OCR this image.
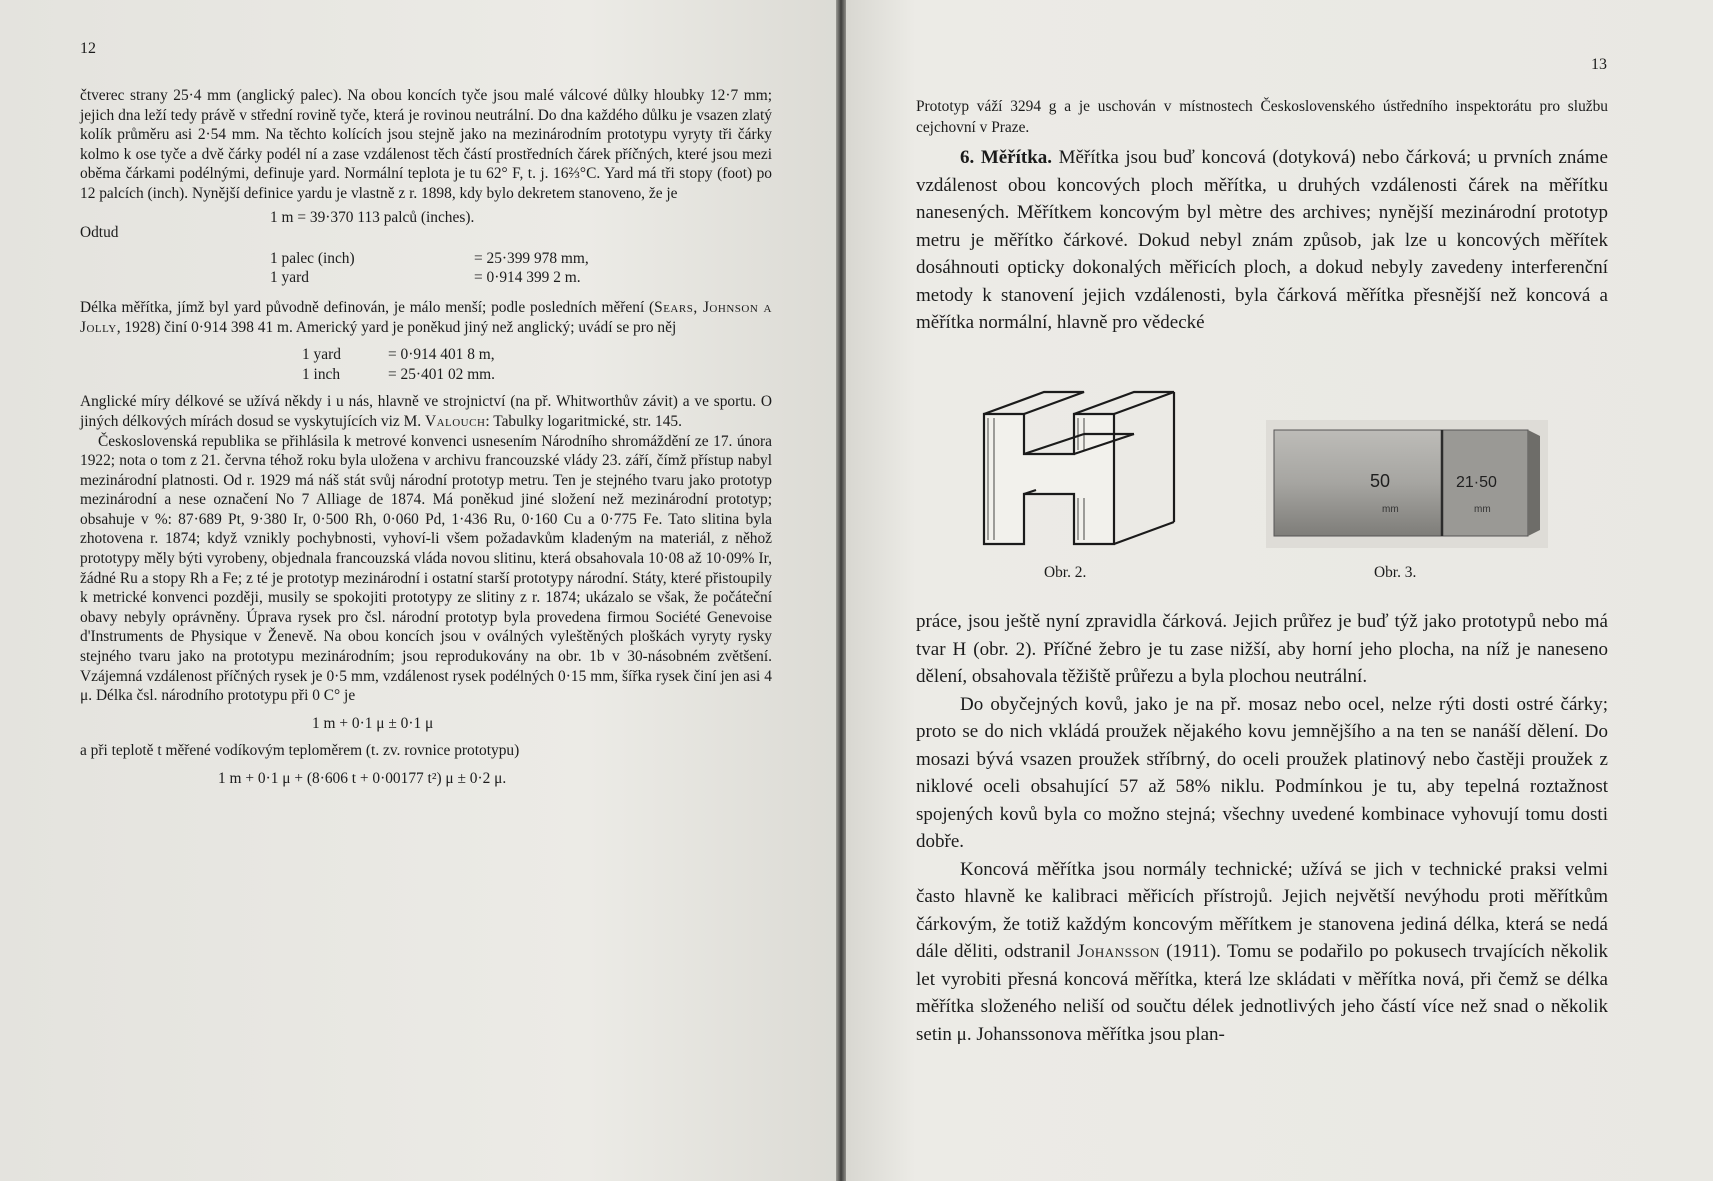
12

čtverec strany 25·4 mm (anglický palec). Na obou koncích tyče jsou malé válcové důlky hloubky 12·7 mm; jejich dna leží tedy právě v střední rovině tyče, která je rovinou neutrální. Do dna každého důlku je vsazen zlatý kolík průměru asi 2·54 mm. Na těchto kolících jsou stejně jako na mezinárodním prototypu vyryty tři čárky kolmo k ose tyče a dvě čárky podél ní a zase vzdálenost těch částí prostředních čárek příčných, které jsou mezi oběma čárkami podélnými, definuje yard. Normální teplota je tu 62° F, t. j. 16⅔°C. Yard má tři stopy (foot) po 12 palcích (inch). Nynější definice yardu je vlastně z r. 1898, kdy bylo dekretem stanoveno, že je

1 m = 39·370 113 palců (inches).
Odtud
1 palec (inch)	= 25·399 978 mm,
1 yard	= 0·914 399 2 m.

Délka měřítka, jímž byl yard původně definován, je málo menší; podle posledních měření (Sears, Johnson a Jolly, 1928) činí 0·914 398 41 m. Americký yard je poněkud jiný než anglický; uvádí se pro něj

1 yard	= 0·914 401 8 m,
1 inch	= 25·401 02 mm.

Anglické míry délkové se užívá někdy i u nás, hlavně ve strojnictví (na př. Whitworthův závit) a ve sportu. O jiných délkových mírách dosud se vyskytujících viz M. Valouch: Tabulky logaritmické, str. 145.

Československá republika se přihlásila k metrové konvenci usnesením Národního shromáždění ze 17. února 1922; nota o tom z 21. června téhož roku byla uložena v archivu francouzské vlády 23. září, čímž přístup nabyl mezinárodní platnosti. Od r. 1929 má náš stát svůj národní prototyp metru. Ten je stejného tvaru jako prototyp mezinárodní a nese označení No 7 Alliage de 1874. Má poněkud jiné složení než mezinárodní prototyp; obsahuje v %: 87·689 Pt, 9·380 Ir, 0·500 Rh, 0·060 Pd, 1·436 Ru, 0·160 Cu a 0·775 Fe. Tato slitina byla zhotovena r. 1874; když vznikly pochybnosti, vyhoví-li všem požadavkům kladeným na materiál, z něhož prototypy měly býti vyrobeny, objednala francouzská vláda novou slitinu, která obsahovala 10·08 až 10·09% Ir, žádné Ru a stopy Rh a Fe; z té je prototyp mezinárodní i ostatní starší prototypy národní. Státy, které přistoupily k metrické konvenci později, musily se spokojiti prototypy ze slitiny z r. 1874; ukázalo se však, že počáteční obavy nebyly oprávněny. Úprava rysek pro čsl. národní prototyp byla provedena firmou Société Genevoise d'Instruments de Physique v Ženevě. Na obou koncích jsou v oválných vyleštěných ploškách vyryty rysky stejného tvaru jako na prototypu mezinárodním; jsou reprodukovány na obr. 1b v 30-násobném zvětšení. Vzájemná vzdálenost příčných rysek je 0·5 mm, vzdálenost rysek podélných 0·15 mm, šířka rysek činí jen asi 4 μ. Délka čsl. národního prototypu při 0 C° je

1 m + 0·1 μ ± 0·1 μ

a při teplotě t měřené vodíkovým teploměrem (t. zv. rovnice prototypu)

1 m + 0·1 μ + (8·606 t + 0·00177 t²) μ ± 0·2 μ.
13

Prototyp váží 3294 g a je uschován v místnostech Československého ústředního inspektorátu pro službu cejchovní v Praze.

6. Měřítka. Měřítka jsou buď koncová (dotyková) nebo čárková; u prvních známe vzdálenost obou koncových ploch měřítka, u druhých vzdálenosti čárek na měřítku nanesených. Měřítkem koncovým byl mètre des archives; nynější mezinárodní prototyp metru je měřítko čárkové. Dokud nebyl znám způsob, jak lze u koncových měřítek dosáhnouti opticky dokonalých měřicích ploch, a dokud nebyly zavedeny interferenční metody k stanovení jejich vzdálenosti, byla čárková měřítka přesnější než koncová a měřítka normální, hlavně pro vědecké

50	21·50
mm	mm
Obr. 2.	Obr. 3.

práce, jsou ještě nyní zpravidla čárková. Jejich průřez je buď týž jako prototypů nebo má tvar H (obr. 2). Příčné žebro je tu zase nižší, aby horní jeho plocha, na níž je naneseno dělení, obsahovala těžiště průřezu a byla plochou neutrální.

Do obyčejných kovů, jako je na př. mosaz nebo ocel, nelze rýti dosti ostré čárky; proto se do nich vkládá proužek nějakého kovu jemnějšího a na ten se nanáší dělení. Do mosazi bývá vsazen proužek stříbrný, do oceli proužek platinový nebo častěji proužek z niklové oceli obsahující 57 až 58% niklu. Podmínkou je tu, aby tepelná roztažnost spojených kovů byla co možno stejná; všechny uvedené kombinace vyhovují tomu dosti dobře.

Koncová měřítka jsou normály technické; užívá se jich v technické praksi velmi často hlavně ke kalibraci měřicích přístrojů. Jejich největší nevýhodu proti měřítkům čárkovým, že totiž každým koncovým měřítkem je stanovena jediná délka, která se nedá dále děliti, odstranil Johansson (1911). Tomu se podařilo po pokusech trvajících několik let vyrobiti přesná koncová měřítka, která lze skládati v měřítka nová, při čemž se délka měřítka složeného neliší od součtu délek jednotlivých jeho částí více než snad o několik setin μ. Johanssonova měřítka jsou plan-
